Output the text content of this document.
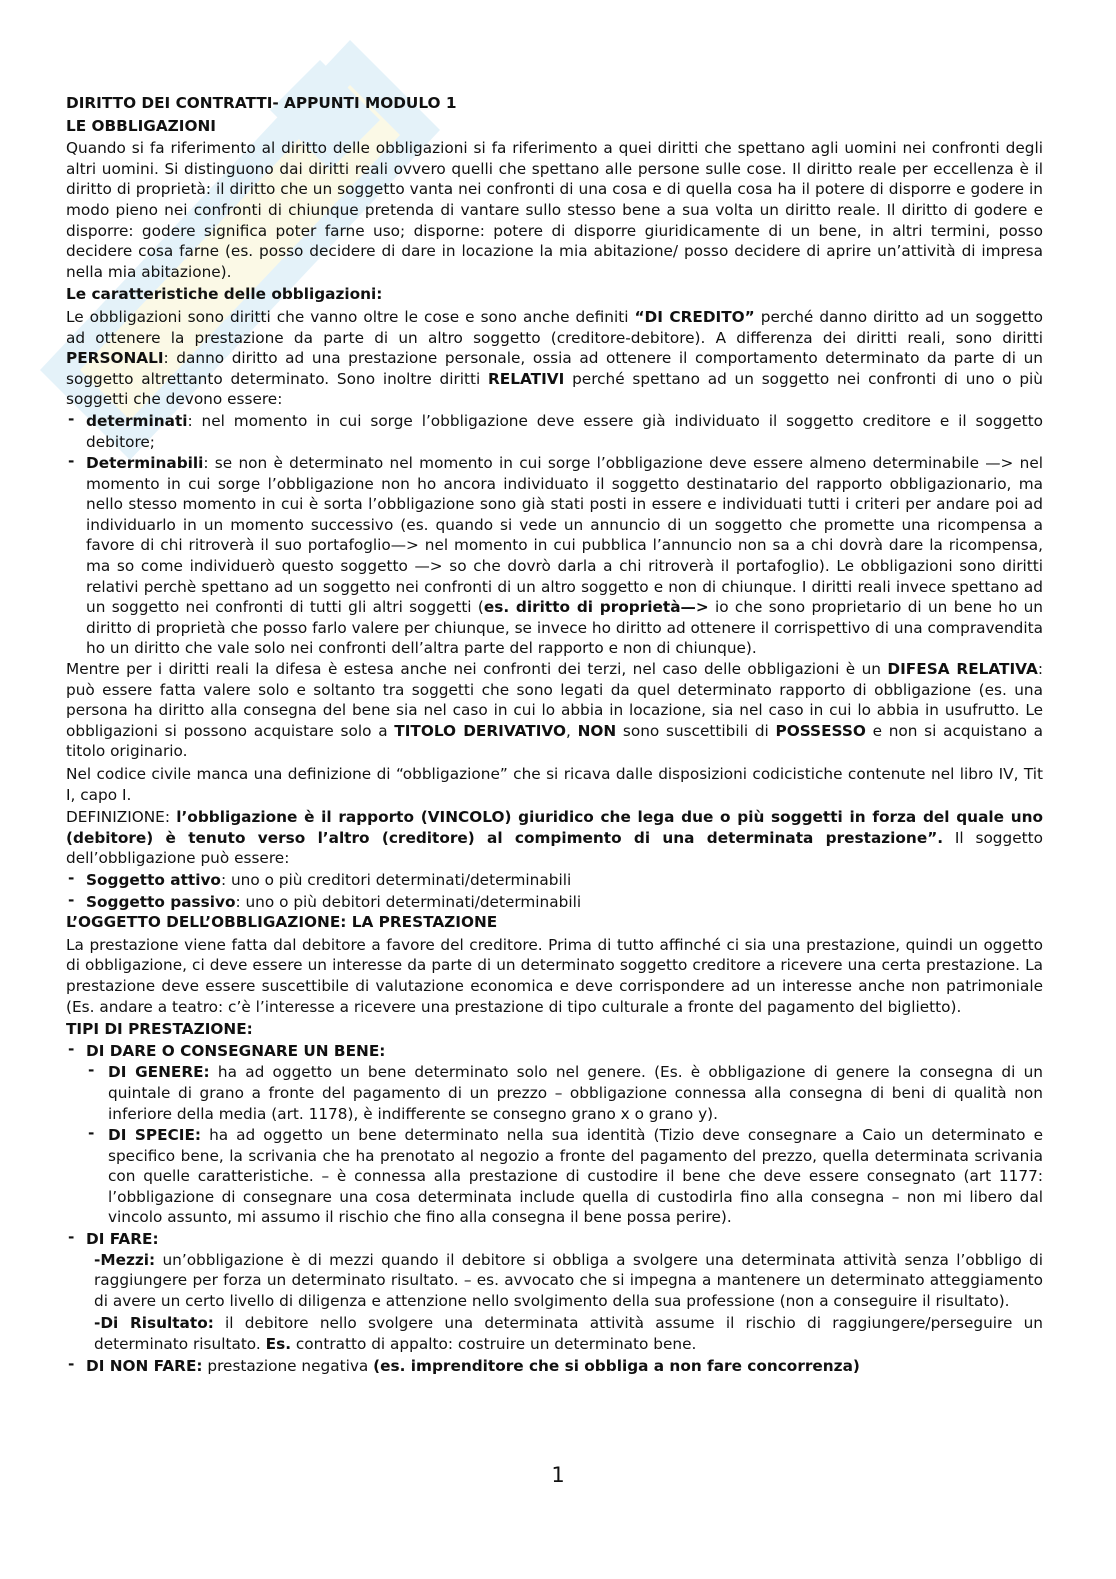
DIRITTO DEI CONTRATTI- APPUNTI MODULO 1

LE OBBLIGAZIONI

Quando si fa riferimento al diritto delle obbligazioni si fa riferimento a quei diritti che spettano agli uomini nei confronti degli altri uomini. Si distinguono dai diritti reali ovvero quelli che spettano alle persone sulle cose. Il diritto reale per eccellenza è il diritto di proprietà: il diritto che un soggetto vanta nei confronti di una cosa e di quella cosa ha il potere di disporre e godere in modo pieno nei confronti di chiunque pretenda di vantare sullo stesso bene a sua volta un diritto reale. Il diritto di godere e disporre: godere significa poter farne uso; disporne: potere di disporre giuridicamente di un bene, in altri termini, posso decidere cosa farne (es. posso decidere di dare in locazione la mia abitazione/ posso decidere di aprire un’attività di impresa nella mia abitazione).

Le caratteristiche delle obbligazioni:

Le obbligazioni sono diritti che vanno oltre le cose e sono anche definiti “DI CREDITO” perché danno diritto ad un soggetto ad ottenere la prestazione da parte di un altro soggetto (creditore-debitore). A differenza dei diritti reali, sono diritti PERSONALI: danno diritto ad una prestazione personale, ossia ad ottenere il comportamento determinato da parte di un soggetto altrettanto determinato. Sono inoltre diritti RELATIVI perché spettano ad un soggetto nei confronti di uno o più soggetti che devono essere:

- determinati: nel momento in cui sorge l’obbligazione deve essere già individuato il soggetto creditore e il soggetto debitore;
- Determinabili: se non è determinato nel momento in cui sorge l’obbligazione deve essere almeno determinabile —> nel momento in cui sorge l’obbligazione non ho ancora individuato il soggetto destinatario del rapporto obbligazionario, ma nello stesso momento in cui è sorta l’obbligazione sono già stati posti in essere e individuati tutti i criteri per andare poi ad individuarlo in un momento successivo (es. quando si vede un annuncio di un soggetto che promette una ricompensa a favore di chi ritroverà il suo portafoglio—> nel momento in cui pubblica l’annuncio non sa a chi dovrà dare la ricompensa, ma so come individuerò questo soggetto —> so che dovrò darla a chi ritroverà il portafoglio). Le obbligazioni sono diritti relativi perchè spettano ad un soggetto nei confronti di un altro soggetto e non di chiunque. I diritti reali invece spettano ad un soggetto nei confronti di tutti gli altri soggetti (es. diritto di proprietà—> io che sono proprietario di un bene ho un diritto di proprietà che posso farlo valere per chiunque, se invece ho diritto ad ottenere il corrispettivo di una compravendita ho un diritto che vale solo nei confronti dell’altra parte del rapporto e non di chiunque).

Mentre per i diritti reali la difesa è estesa anche nei confronti dei terzi, nel caso delle obbligazioni è un DIFESA RELATIVA: può essere fatta valere solo e soltanto tra soggetti che sono legati da quel determinato rapporto di obbligazione (es. una persona ha diritto alla consegna del bene sia nel caso in cui lo abbia in locazione, sia nel caso in cui lo abbia in usufrutto. Le obbligazioni si possono acquistare solo a TITOLO DERIVATIVO, NON sono suscettibili di POSSESSO e non si acquistano a titolo originario.

Nel codice civile manca una definizione di “obbligazione” che si ricava dalle disposizioni codicistiche contenute nel libro IV, Tit I, capo I.

DEFINIZIONE: l’obbligazione è il rapporto (VINCOLO) giuridico che lega due o più soggetti in forza del quale uno (debitore) è tenuto verso l’altro (creditore) al compimento di una determinata prestazione”. Il soggetto dell’obbligazione può essere:

- Soggetto attivo: uno o più creditori determinati/determinabili
- Soggetto passivo: uno o più debitori determinati/determinabili

L’OGGETTO DELL’OBBLIGAZIONE: LA PRESTAZIONE

La prestazione viene fatta dal debitore a favore del creditore. Prima di tutto affinché ci sia una prestazione, quindi un oggetto di obbligazione, ci deve essere un interesse da parte di un determinato soggetto creditore a ricevere una certa prestazione. La prestazione deve essere suscettibile di valutazione economica e deve corrispondere ad un interesse anche non patrimoniale (Es. andare a teatro: c’è l’interesse a ricevere una prestazione di tipo culturale a fronte del pagamento del biglietto).

TIPI DI PRESTAZIONE:

- DI DARE O CONSEGNARE UN BENE:
- DI GENERE: ha ad oggetto un bene determinato solo nel genere. (Es. è obbligazione di genere la consegna di un quintale di grano a fronte del pagamento di un prezzo – obbligazione connessa alla consegna di beni di qualità non inferiore della media (art. 1178), è indifferente se consegno grano x o grano y).
- DI SPECIE: ha ad oggetto un bene determinato nella sua identità (Tizio deve consegnare a Caio un determinato e specifico bene, la scrivania che ha prenotato al negozio a fronte del pagamento del prezzo, quella determinata scrivania con quelle caratteristiche. – è connessa alla prestazione di custodire il bene che deve essere consegnato (art 1177: l’obbligazione di consegnare una cosa determinata include quella di custodirla fino alla consegna – non mi libero dal vincolo assunto, mi assumo il rischio che fino alla consegna il bene possa perire).
- DI FARE:

-Mezzi: un’obbligazione è di mezzi quando il debitore si obbliga a svolgere una determinata attività senza l’obbligo di raggiungere per forza un determinato risultato. – es. avvocato che si impegna a mantenere un determinato atteggiamento di avere un certo livello di diligenza e attenzione nello svolgimento della sua professione (non a conseguire il risultato).

-Di Risultato: il debitore nello svolgere una determinata attività assume il rischio di raggiungere/perseguire un determinato risultato. Es. contratto di appalto: costruire un determinato bene.

- DI NON FARE: prestazione negativa (es. imprenditore che si obbliga a non fare concorrenza)
1
